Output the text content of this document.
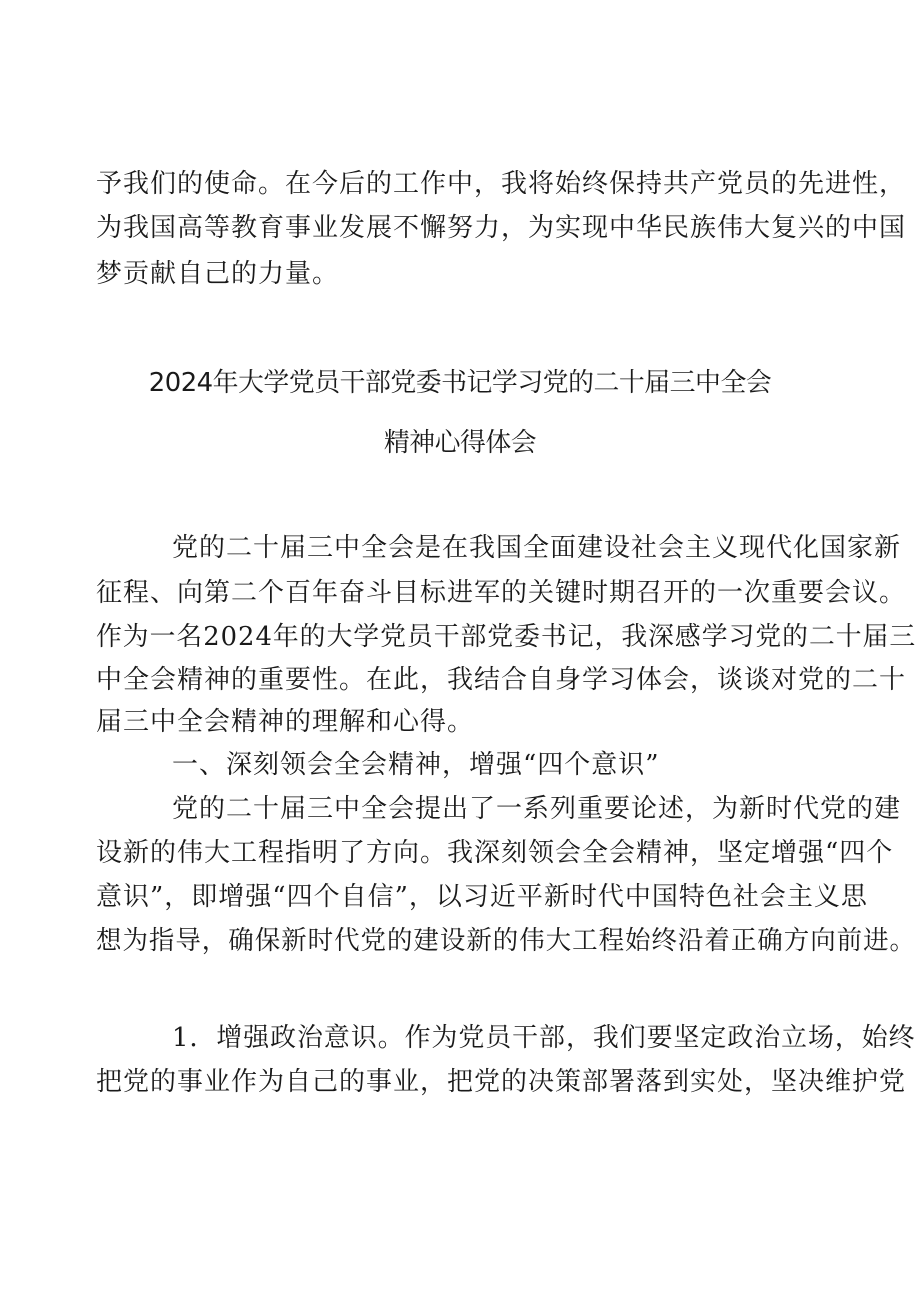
予我们的使命。在今后的工作中，我将始终保持共产党员的先进性，
为我国高等教育事业发展不懈努力，为实现中华民族伟大复兴的中国
梦贡献自己的力量。
2024年大学党员干部党委书记学习党的二十届三中全会
精神心得体会
党的二十届三中全会是在我国全面建设社会主义现代化国家新
征程、向第二个百年奋斗目标进军的关键时期召开的一次重要会议。
作为一名2024年的大学党员干部党委书记，我深感学习党的二十届三
中全会精神的重要性。在此，我结合自身学习体会，谈谈对党的二十
届三中全会精神的理解和心得。
一、深刻领会全会精神，增强“四个意识”
党的二十届三中全会提出了一系列重要论述，为新时代党的建
设新的伟大工程指明了方向。我深刻领会全会精神，坚定增强“四个
意识”，即增强“四个自信”，以习近平新时代中国特色社会主义思
想为指导，确保新时代党的建设新的伟大工程始终沿着正确方向前进。
1．增强政治意识。作为党员干部，我们要坚定政治立场，始终
把党的事业作为自己的事业，把党的决策部署落到实处，坚决维护党
